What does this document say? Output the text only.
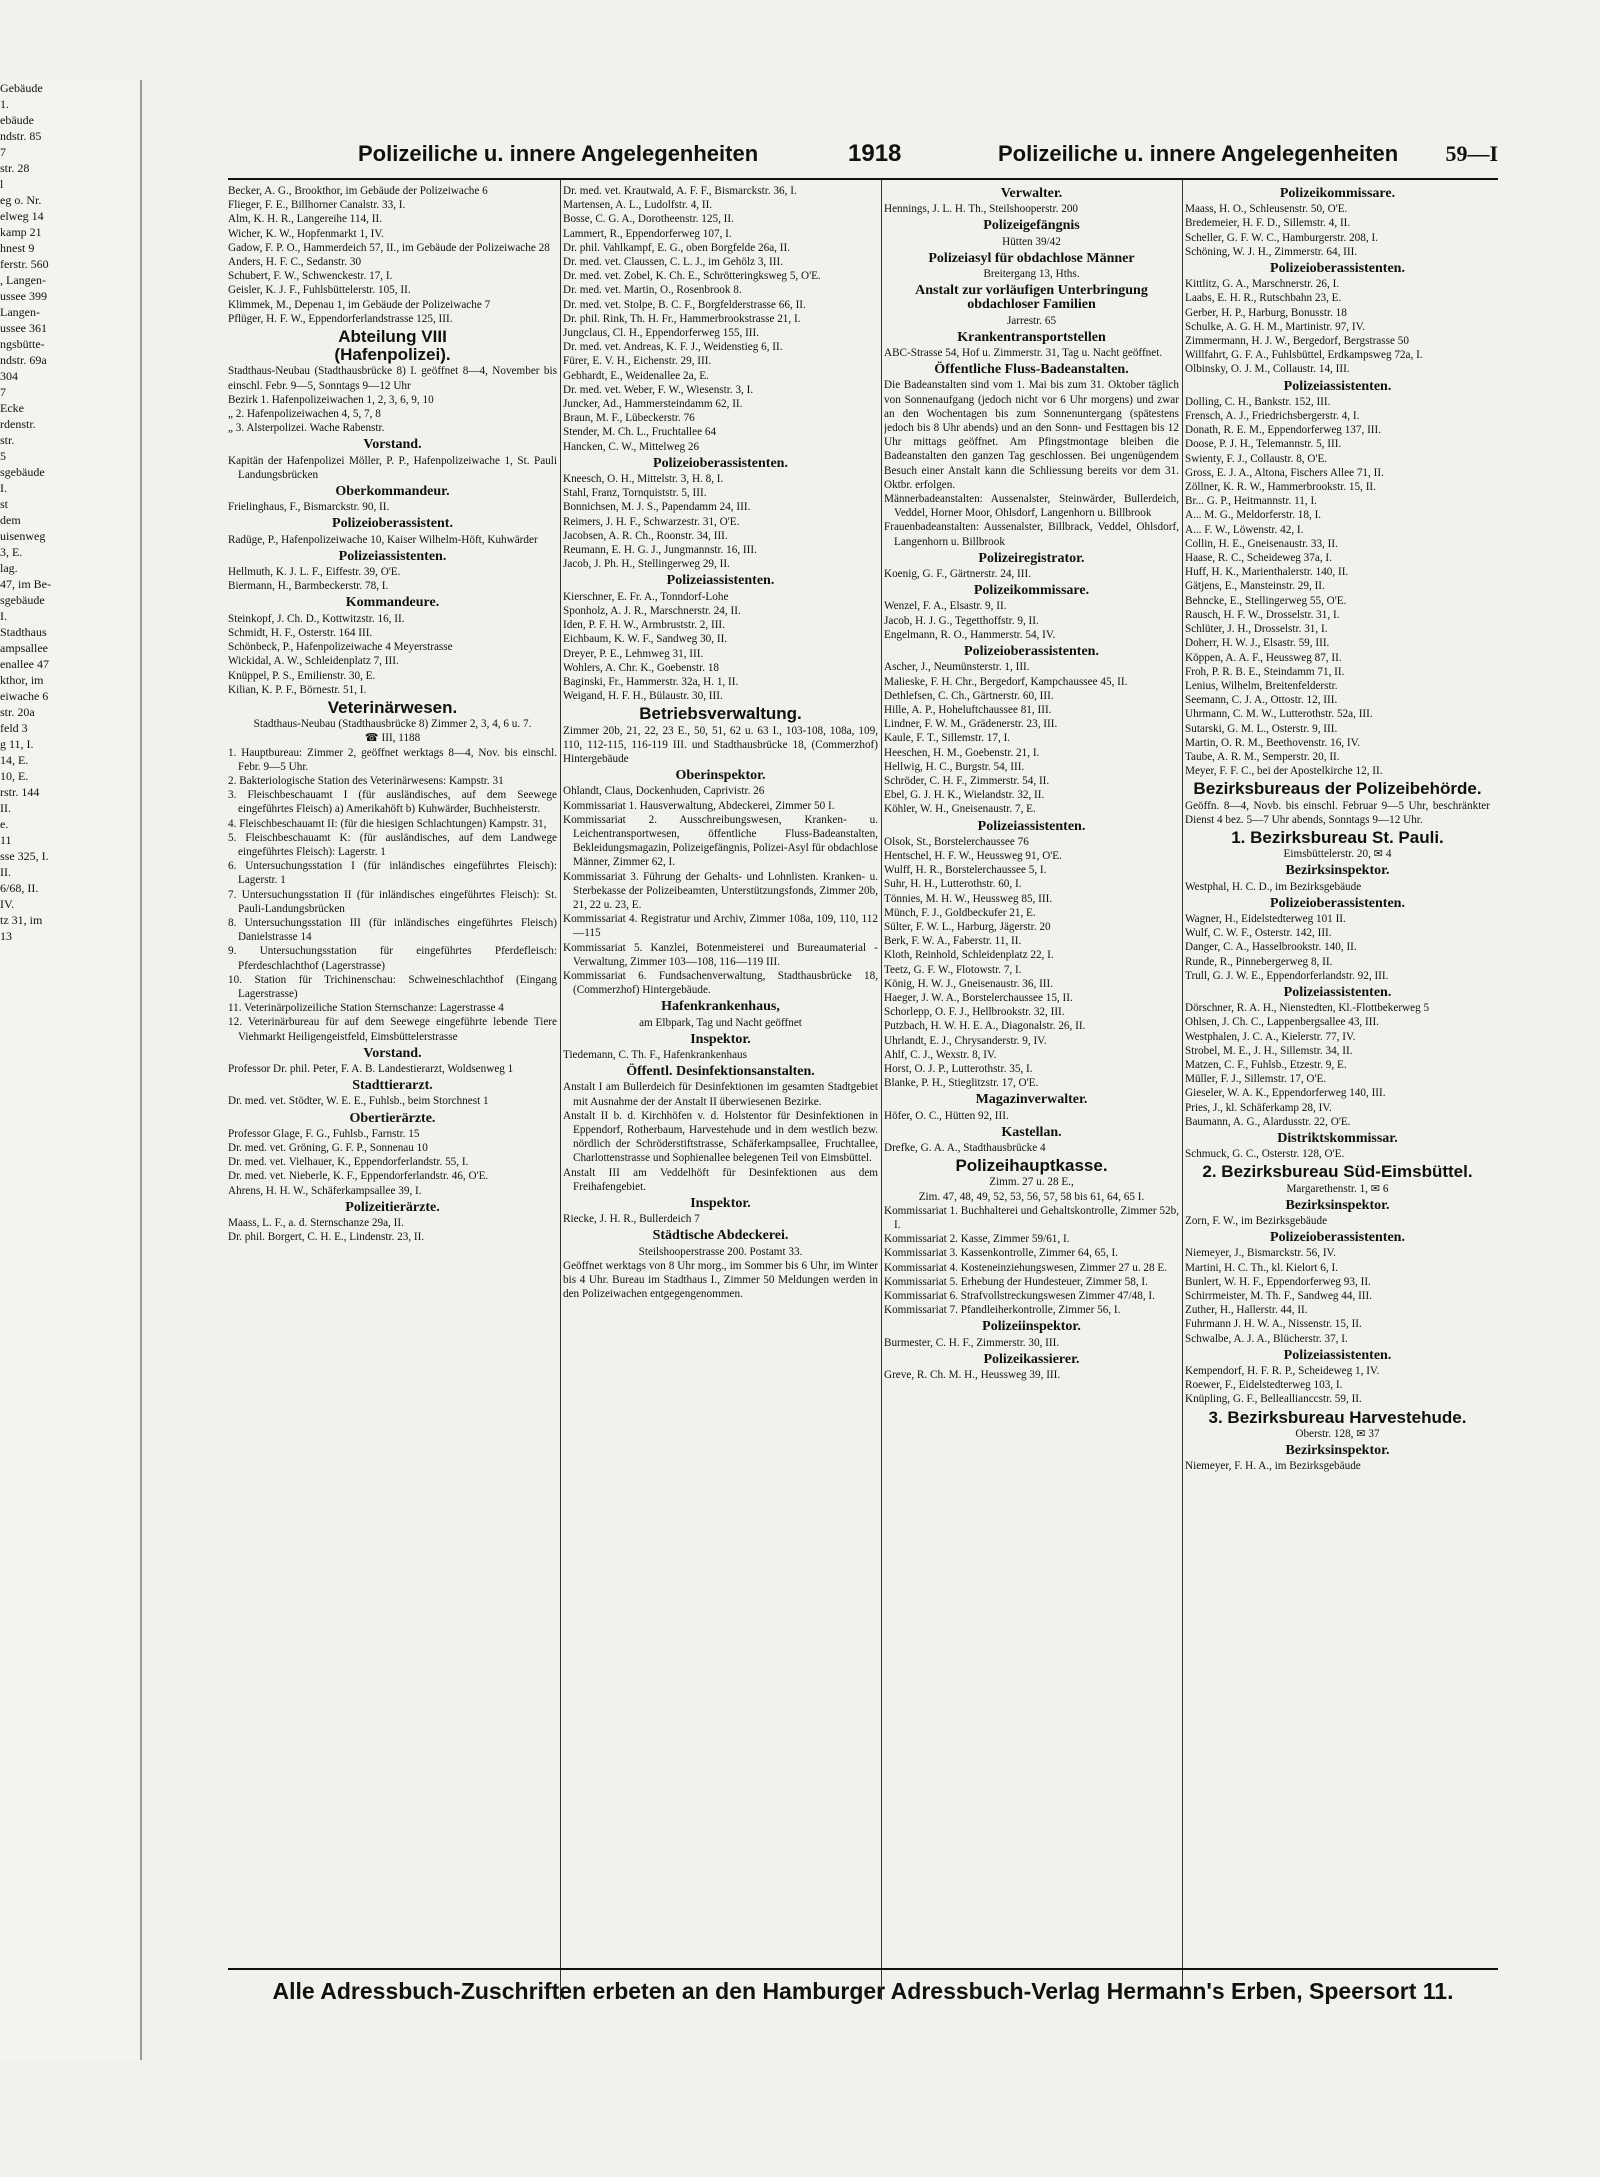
Gebäude
1.
ebäude
ndstr. 85
7
str. 28
l
eg o. Nr.
elweg 14
kamp 21
hnest 9
ferstr. 560
, Langen-
ussee 399
Langen-
ussee 361
ngsbütte-
ndstr. 69a
304
7
Ecke
rdenstr.
str.
5
sgebäude
I.
st
dem
uisenweg
3, E.
lag.
47, im Be-
sgebäude
I.
Stadthaus
ampsallee
enallee 47
kthor, im
eiwache 6
str. 20a
feld 3
g 11, I.
14, E.
10, E.
rstr. 144
II.
e.
11
sse 325, I.
II.
6/68, II.
IV.
tz 31, im
13
Polizeiliche u. innere Angelegenheiten	1918	Polizeiliche u. innere Angelegenheiten 59—I
Becker, A. G., Brookthor, im Gebäude der Polizeiwache 6
Flieger, F. E., Billhorner Canalstr. 33, I.
Alm, K. H. R., Langereihe 114, II.
Wicher, K. W., Hopfenmarkt 1, IV.
Gadow, F. P. O., Hammerdeich 57, II., im Gebäude der Polizeiwache 28
Anders, H. F. C., Sedanstr. 30
Schubert, F. W., Schwenckestr. 17, I.
Geisler, K. J. F., Fuhlsbüttelerstr. 105, II.
Klimmek, M., Depenau 1, im Gebäude der Polizeiwache 7
Pflüger, H. F. W., Eppendorferlandstrasse 125, III.
Abteilung VIII
(Hafenpolizei).
Stadthaus-Neubau (Stadthausbrücke 8) I. geöffnet 8—4, November bis einschl. Febr. 9—5, Sonntags 9—12 Uhr
Bezirk 1. Hafenpolizeiwachen 1, 2, 3, 6, 9, 10
„ 2. Hafenpolizeiwachen 4, 5, 7, 8
„ 3. Alsterpolizei. Wache Rabenstr.
Vorstand.
Kapitän der Hafenpolizei Möller, P. P., Hafenpolizeiwache 1, St. Pauli Landungsbrücken
Oberkommandeur.
Frielinghaus, F., Bismarckstr. 90, II.
Polizeioberassistent.
Radüge, P., Hafenpolizeiwache 10, Kaiser Wilhelm-Höft, Kuhwärder
Polizeiassistenten.
Hellmuth, K. J. L. F., Eiffestr. 39, O'E.
Biermann, H., Barmbeckerstr. 78, I.
Kommandeure.
Steinkopf, J. Ch. D., Kottwitzstr. 16, II.
Schmidt, H. F., Osterstr. 164 III.
Schönbeck, P., Hafenpolizeiwache 4 Meyerstrasse
Wickidal, A. W., Schleidenplatz 7, III.
Knüppel, P. S., Emilienstr. 30, E.
Kilian, K. P. F., Börnestr. 51, I.
Veterinärwesen.
Stadthaus-Neubau (Stadthausbrücke 8) Zimmer 2, 3, 4, 6 u. 7.
☎ III, 1188
1. Hauptbureau: Zimmer 2, geöffnet werktags 8—4, Nov. bis einschl. Febr. 9—5 Uhr.
2. Bakteriologische Station des Veterinärwesens: Kampstr. 31
3. Fleischbeschauamt I (für ausländisches, auf dem Seewege eingeführtes Fleisch) a) Amerikahöft b) Kuhwärder, Buchheisterstr.
4. Fleischbeschauamt II: (für die hiesigen Schlachtungen) Kampstr. 31,
5. Fleischbeschauamt K: (für ausländisches, auf dem Landwege eingeführtes Fleisch): Lagerstr. 1
6. Untersuchungsstation I (für inländisches eingeführtes Fleisch): Lagerstr. 1
7. Untersuchungsstation II (für inländisches eingeführtes Fleisch): St. Pauli-Landungsbrücken
8. Untersuchungsstation III (für inländisches eingeführtes Fleisch) Danielstrasse 14
9. Untersuchungsstation für eingeführtes Pferdefleisch: Pferdeschlachthof (Lagerstrasse)
10. Station für Trichinenschau: Schweineschlachthof (Eingang Lagerstrasse)
11. Veterinärpolizeiliche Station Sternschanze: Lagerstrasse 4
12. Veterinärbureau für auf dem Seewege eingeführte lebende Tiere Viehmarkt Heiligengeistfeld, Eimsbüttelerstrasse
Vorstand.
Professor Dr. phil. Peter, F. A. B. Landestierarzt, Woldsenweg 1
Stadttierarzt.
Dr. med. vet. Stödter, W. E. E., Fuhlsb., beim Storchnest 1
Obertierärzte.
Professor Glage, F. G., Fuhlsb., Farnstr. 15
Dr. med. vet. Gröning, G. F. P., Sonnenau 10
Dr. med. vet. Vielhauer, K., Eppendorferlandstr. 55, I.
Dr. med. vet. Nieberle, K. F., Eppendorferlandstr. 46, O'E.
Ahrens, H. H. W., Schäferkampsallee 39, I.
Polizeitierärzte.
Maass, L. F., a. d. Sternschanze 29a, II.
Dr. phil. Borgert, C. H. E., Lindenstr. 23, II.
Dr. med. vet. Krautwald, A. F. F., Bismarckstr. 36, I.
Martensen, A. L., Ludolfstr. 4, II.
Bosse, C. G. A., Dorotheenstr. 125, II.
Lammert, R., Eppendorferweg 107, I.
Dr. phil. Vahlkampf, E. G., oben Borgfelde 26a, II.
Dr. med. vet. Claussen, C. L. J., im Gehölz 3, III.
Dr. med. vet. Zobel, K. Ch. E., Schrötteringksweg 5, O'E.
Dr. med. vet. Martin, O., Rosenbrook 8.
Dr. med. vet. Stolpe, B. C. F., Borgfelderstrasse 66, II.
Dr. phil. Rink, Th. H. Fr., Hammerbrookstrasse 21, I.
Jungclaus, Cl. H., Eppendorferweg 155, III.
Dr. med. vet. Andreas, K. F. J., Weidenstieg 6, II.
Fürer, E. V. H., Eichenstr. 29, III.
Gebhardt, E., Weidenallee 2a, E.
Dr. med. vet. Weber, F. W., Wiesenstr. 3, I.
Juncker, Ad., Hammersteindamm 62, II.
Braun, M. F., Lübeckerstr. 76
Stender, M. Ch. L., Fruchtallee 64
Hancken, C. W., Mittelweg 26
Polizeioberassistenten.
Kneesch, O. H., Mittelstr. 3, H. 8, I.
Stahl, Franz, Tornquiststr. 5, III.
Bonnichsen, M. J. S., Papendamm 24, III.
Reimers, J. H. F., Schwarzestr. 31, O'E.
Jacobsen, A. R. Ch., Roonstr. 34, III.
Reumann, E. H. G. J., Jungmannstr. 16, III.
Jacob, J. Ph. H., Stellingerweg 29, II.
Polizeiassistenten.
Kierschner, E. Fr. A., Tonndorf-Lohe
Sponholz, A. J. R., Marschnerstr. 24, II.
Iden, P. F. H. W., Armbruststr. 2, III.
Eichbaum, K. W. F., Sandweg 30, II.
Dreyer, P. E., Lehmweg 31, III.
Wohlers, A. Chr. K., Goebenstr. 18
Baginski, Fr., Hammerstr. 32a, H. 1, II.
Weigand, H. F. H., Bülaustr. 30, III.
Betriebsverwaltung.
Zimmer 20b, 21, 22, 23 E., 50, 51, 62 u. 63 I., 103-108, 108a, 109, 110, 112-115, 116-119 III. und Stadthausbrücke 18, (Commerzhof) Hintergebäude
Oberinspektor.
Ohlandt, Claus, Dockenhuden, Caprivistr. 26
Kommissariat 1. Hausverwaltung, Abdeckerei, Zimmer 50 I.
Kommissariat 2. Ausschreibungswesen, Kranken- u. Leichentransportwesen, öffentliche Fluss-Badeanstalten, Bekleidungsmagazin, Polizeigefängnis, Polizei-Asyl für obdachlose Männer, Zimmer 62, I.
Kommissariat 3. Führung der Gehalts- und Lohnlisten. Kranken- u. Sterbekasse der Polizeibeamten, Unterstützungsfonds, Zimmer 20b, 21, 22 u. 23, E.
Kommissariat 4. Registratur und Archiv, Zimmer 108a, 109, 110, 112—115
Kommissariat 5. Kanzlei, Botenmeisterei und Bureaumaterial - Verwaltung, Zimmer 103—108, 116—119 III.
Kommissariat 6. Fundsachenverwaltung, Stadthausbrücke 18, (Commerzhof) Hintergebäude.
Hafenkrankenhaus,
am Elbpark, Tag und Nacht geöffnet
Inspektor.
Tiedemann, C. Th. F., Hafenkrankenhaus
Öffentl. Desinfektionsanstalten.
Anstalt I am Bullerdeich für Desinfektionen im gesamten Stadtgebiet mit Ausnahme der der Anstalt II überwiesenen Bezirke.
Anstalt II b. d. Kirchhöfen v. d. Holstentor für Desinfektionen in Eppendorf, Rotherbaum, Harvestehude und in dem westlich bezw. nördlich der Schröderstiftstrasse, Schäferkampsallee, Fruchtallee, Charlottenstrasse und Sophienallee belegenen Teil von Eimsbüttel.
Anstalt III am Veddelhöft für Desinfektionen aus dem Freihafengebiet.
Inspektor.
Riecke, J. H. R., Bullerdeich 7
Städtische Abdeckerei.
Steilshooperstrasse 200. Postamt 33.
Geöffnet werktags von 8 Uhr morg., im Sommer bis 6 Uhr, im Winter bis 4 Uhr. Bureau im Stadthaus I., Zimmer 50 Meldungen werden in den Polizeiwachen entgegengenommen.
Verwalter.
Hennings, J. L. H. Th., Steilshooperstr. 200
Polizeigefängnis
Hütten 39/42
Polizeiasyl für obdachlose Männer
Breitergang 13, Hths.
Anstalt zur vorläufigen Unterbringung obdachloser Familien
Jarrestr. 65
Krankentransportstellen
ABC-Strasse 54, Hof u. Zimmerstr. 31, Tag u. Nacht geöffnet.
Öffentliche Fluss-Badeanstalten.
Die Badeanstalten sind vom 1. Mai bis zum 31. Oktober täglich von Sonnenaufgang (jedoch nicht vor 6 Uhr morgens) und zwar an den Wochentagen bis zum Sonnenuntergang (spätestens jedoch bis 8 Uhr abends) und an den Sonn- und Festtagen bis 12 Uhr mittags geöffnet. Am Pfingstmontage bleiben die Badeanstalten den ganzen Tag geschlossen. Bei ungenügendem Besuch einer Anstalt kann die Schliessung bereits vor dem 31. Oktbr. erfolgen.
Männerbadeanstalten: Aussenalster, Steinwärder, Bullerdeich, Veddel, Horner Moor, Ohlsdorf, Langenhorn u. Billbrook
Frauenbadeanstalten: Aussenalster, Billbrack, Veddel, Ohlsdorf, Langenhorn u. Billbrook
Polizeiregistrator.
Koenig, G. F., Gärtnerstr. 24, III.
Polizeikommissare.
Wenzel, F. A., Elsastr. 9, II.
Jacob, H. J. G., Tegetthoffstr. 9, II.
Engelmann, R. O., Hammerstr. 54, IV.
Polizeioberassistenten.
Ascher, J., Neumünsterstr. 1, III.
Malieske, F. H. Chr., Bergedorf, Kampchaussee 45, II.
Dethlefsen, C. Ch., Gärtnerstr. 60, III.
Hille, A. P., Hoheluftchaussee 81, III.
Lindner, F. W. M., Grädenerstr. 23, III.
Kaule, F. T., Sillemstr. 17, I.
Heeschen, H. M., Goebenstr. 21, I.
Hellwig, H. C., Burgstr. 54, III.
Schröder, C. H. F., Zimmerstr. 54, II.
Ebel, G. J. H. K., Wielandstr. 32, II.
Köhler, W. H., Gneisenaustr. 7, E.
Polizeiassistenten.
Olsok, St., Borstelerchaussee 76
Hentschel, H. F. W., Heussweg 91, O'E.
Wulff, H. R., Borstelerchaussee 5, I.
Suhr, H. H., Lutterothstr. 60, I.
Tönnies, M. H. W., Heussweg 85, III.
Münch, F. J., Goldbeckufer 21, E.
Sülter, F. W. L., Harburg, Jägerstr. 20
Berk, F. W. A., Faberstr. 11, II.
Kloth, Reinhold, Schleidenplatz 22, I.
Teetz, G. F. W., Flotowstr. 7, I.
König, H. W. J., Gneisenaustr. 36, III.
Haeger, J. W. A., Borstelerchaussee 15, II.
Schorlepp, O. F. J., Hellbrookstr. 32, III.
Putzbach, H. W. H. E. A., Diagonalstr. 26, II.
Uhrlandt, E. J., Chrysanderstr. 9, IV.
Ahlf, C. J., Wexstr. 8, IV.
Horst, O. J. P., Lutterothstr. 35, I.
Blanke, P. H., Stieglitzstr. 17, O'E.
Magazinverwalter.
Höfer, O. C., Hütten 92, III.
Kastellan.
Drefke, G. A. A., Stadthausbrücke 4
Polizeihauptkasse.
Zimm. 27 u. 28 E.,
Zim. 47, 48, 49, 52, 53, 56, 57, 58 bis 61, 64, 65 I.
Kommissariat 1. Buchhalterei und Gehaltskontrolle, Zimmer 52b, I.
Kommissariat 2. Kasse, Zimmer 59/61, I.
Kommissariat 3. Kassenkontrolle, Zimmer 64, 65, I.
Kommissariat 4. Kosteneinziehungswesen, Zimmer 27 u. 28 E.
Kommissariat 5. Erhebung der Hundesteuer, Zimmer 58, I.
Kommissariat 6. Strafvollstreckungswesen Zimmer 47/48, I.
Kommissariat 7. Pfandleiherkontrolle, Zimmer 56, I.
Polizeiinspektor.
Burmester, C. H. F., Zimmerstr. 30, III.
Polizeikassierer.
Greve, R. Ch. M. H., Heussweg 39, III.
Polizeikommissare.
Maass, H. O., Schleusenstr. 50, O'E.
Bredemeier, H. F. D., Sillemstr. 4, II.
Scheller, G. F. W. C., Hamburgerstr. 208, I.
Schöning, W. J. H., Zimmerstr. 64, III.
Polizeioberassistenten.
Kittlitz, G. A., Marschnerstr. 26, I.
Laabs, E. H. R., Rutschbahn 23, E.
Gerber, H. P., Harburg, Bonusstr. 18
Schulke, A. G. H. M., Martinistr. 97, IV.
Zimmermann, H. J. W., Bergedorf, Bergstrasse 50
Willfahrt, G. F. A., Fuhlsbüttel, Erdkampsweg 72a, I.
Olbinsky, O. J. M., Collaustr. 14, III.
Polizeiassistenten.
Dolling, C. H., Bankstr. 152, III.
Frensch, A. J., Friedrichsbergerstr. 4, I.
Donath, R. E. M., Eppendorferweg 137, III.
Doose, P. J. H., Telemannstr. 5, III.
Swienty, F. J., Collaustr. 8, O'E.
Gross, E. J. A., Altona, Fischers Allee 71, II.
Zöllner, K. R. W., Hammerbrookstr. 15, II.
Br... G. P., Heitmannstr. 11, I.
A... M. G., Meldorferstr. 18, I.
A... F. W., Löwenstr. 42, I.
Collin, H. E., Gneisenaustr. 33, II.
Haase, R. C., Scheideweg 37a, I.
Huff, H. K., Marienthalerstr. 140, II.
Gätjens, E., Mansteinstr. 29, II.
Behncke, E., Stellingerweg 55, O'E.
Rausch, H. F. W., Drosselstr. 31, I.
Schlüter, J. H., Drosselstr. 31, I.
Doherr, H. W. J., Elsastr. 59, III.
Köppen, A. A. F., Heussweg 87, II.
Froh, P. R. B. E., Steindamm 71, II.
Lenius, Wilhelm, Breitenfelderstr.
Seemann, C. J. A., Ottostr. 12, III.
Uhrmann, C. M. W., Lutterothstr. 52a, III.
Sutarski, G. M. L., Osterstr. 9, III.
Martin, O. R. M., Beethovenstr. 16, IV.
Taube, A. R. M., Semperstr. 20, II.
Meyer, F. F. C., bei der Apostelkirche 12, II.
Bezirksbureaus der Polizeibehörde.
Geöffn. 8—4, Novb. bis einschl. Februar 9—5 Uhr, beschränkter Dienst 4 bez. 5—7 Uhr abends, Sonntags 9—12 Uhr.
1. Bezirksbureau St. Pauli.
Eimsbüttelerstr. 20, ✉ 4
Bezirksinspektor.
Westphal, H. C. D., im Bezirksgebäude
Polizeioberassistenten.
Wagner, H., Eidelstedterweg 101 II.
Wulf, C. W. F., Osterstr. 142, III.
Danger, C. A., Hasselbrookstr. 140, II.
Runde, R., Pinnebergerweg 8, II.
Trull, G. J. W. E., Eppendorferlandstr. 92, III.
Polizeiassistenten.
Dörschner, R. A. H., Nienstedten, Kl.-Flottbekerweg 5
Ohlsen, J. Ch. C., Lappenbergsallee 43, III.
Westphalen, J. C. A., Kielerstr. 77, IV.
Strobel, M. E., J. H., Sillemstr. 34, II.
Matzen, C. F., Fuhlsb., Etzestr. 9, E.
Müller, F. J., Sillemstr. 17, O'E.
Gieseler, W. A. K., Eppendorferweg 140, III.
Pries, J., kl. Schäferkamp 28, IV.
Baumann, A. G., Alardusstr. 22, O'E.
Distriktskommissar.
Schmuck, G. C., Osterstr. 128, O'E.
2. Bezirksbureau Süd-Eimsbüttel.
Margarethenstr. 1, ✉ 6
Bezirksinspektor.
Zorn, F. W., im Bezirksgebäude
Polizeioberassistenten.
Niemeyer, J., Bismarckstr. 56, IV.
Martini, H. C. Th., kl. Kielort 6, I.
Bunlert, W. H. F., Eppendorferweg 93, II.
Schirrmeister, M. Th. F., Sandweg 44, III.
Zuther, H., Hallerstr. 44, II.
Fuhrmann J. H. W. A., Nissenstr. 15, II.
Schwalbe, A. J. A., Blücherstr. 37, I.
Polizeiassistenten.
Kempendorf, H. F. R. P., Scheideweg 1, IV.
Roewer, F., Eidelstedterweg 103, I.
Knüpling, G. F., Belleallianccstr. 59, II.
3. Bezirksbureau Harvestehude.
Oberstr. 128, ✉ 37
Bezirksinspektor.
Niemeyer, F. H. A., im Bezirksgebäude
Alle Adressbuch-Zuschriften erbeten an den Hamburger Adressbuch-Verlag Hermann's Erben, Speersort 11.
